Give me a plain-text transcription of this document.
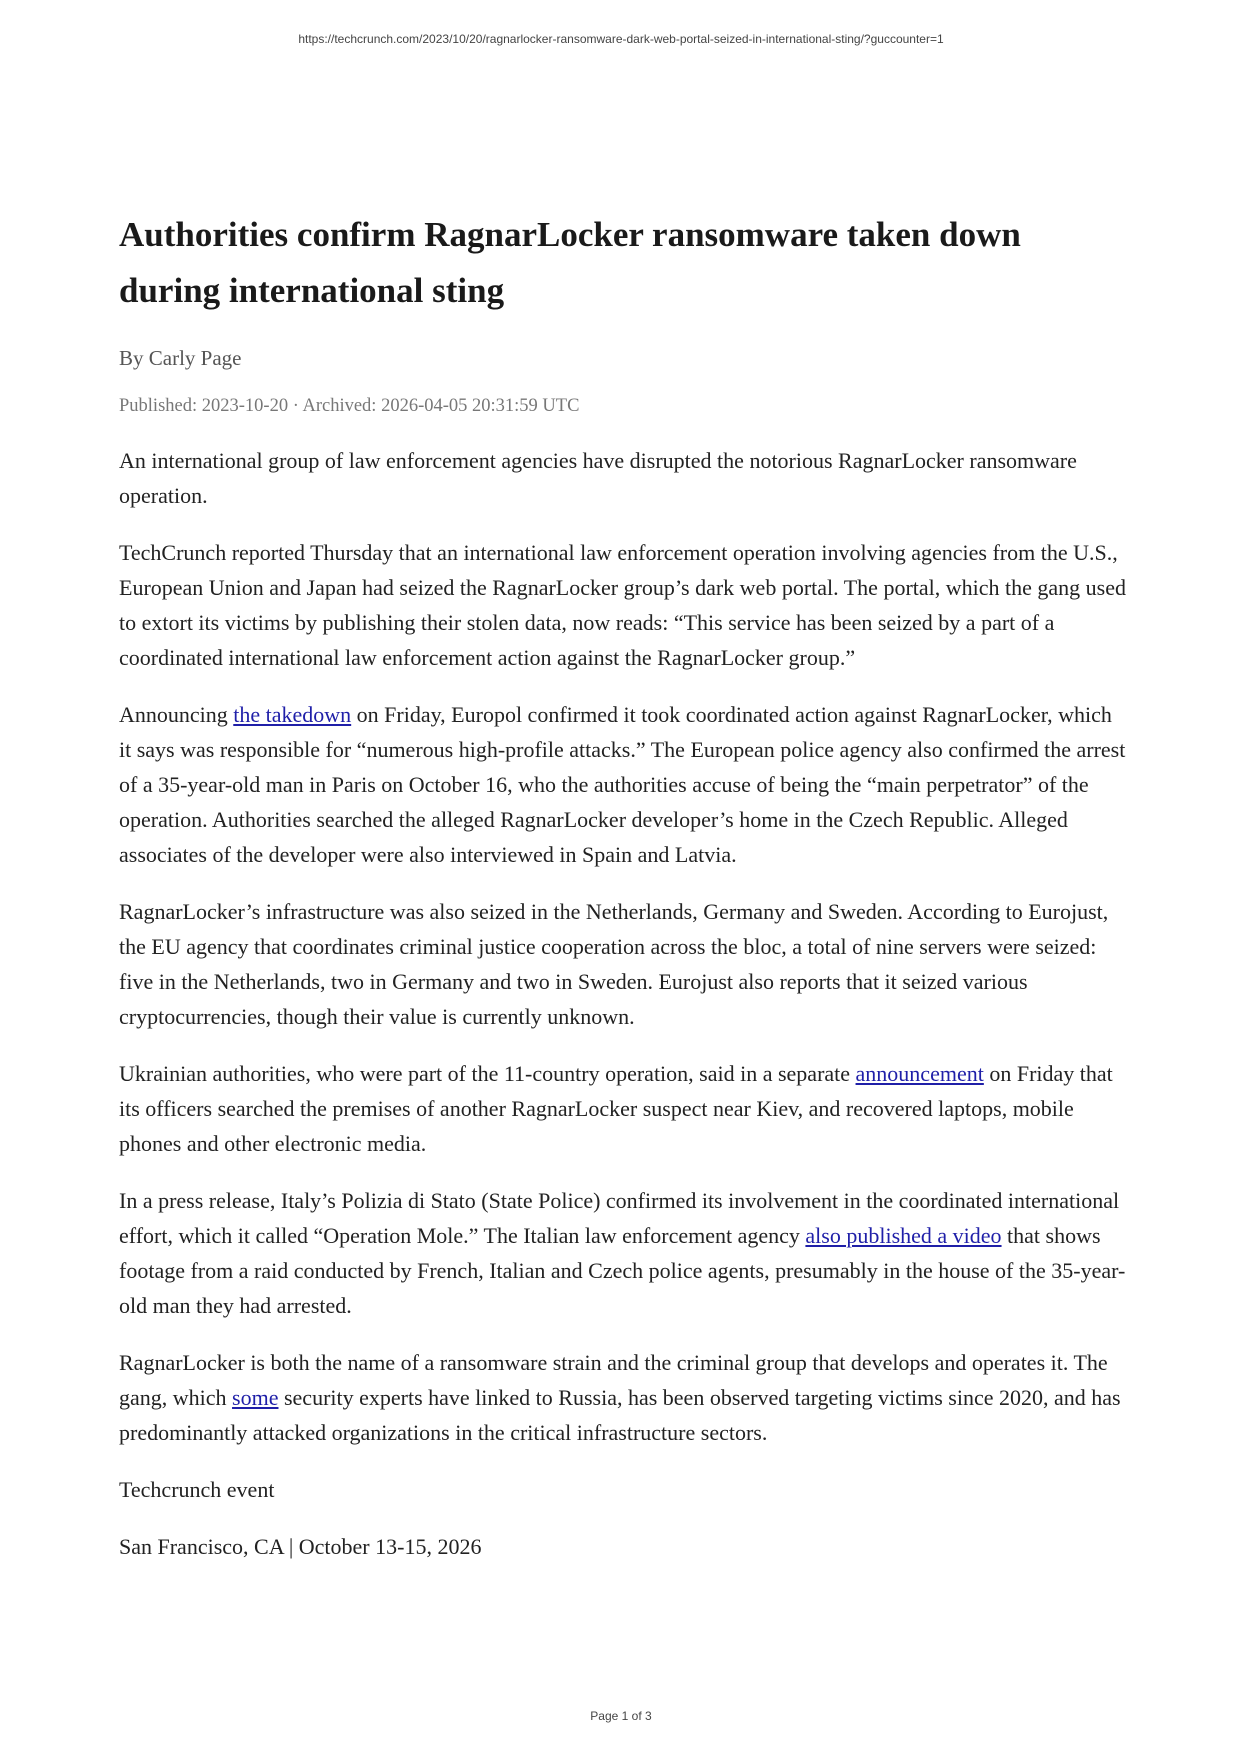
https://techcrunch.com/2023/10/20/ragnarlocker-ransomware-dark-web-portal-seized-in-international-sting/?guccounter=1
Authorities confirm RagnarLocker ransomware taken down during international sting
By Carly Page
Published: 2023-10-20 · Archived: 2026-04-05 20:31:59 UTC
An international group of law enforcement agencies have disrupted the notorious RagnarLocker ransomware
operation.
TechCrunch reported Thursday that an international law enforcement operation involving agencies from the U.S.,
European Union and Japan had seized the RagnarLocker group’s dark web portal. The portal, which the gang used
to extort its victims by publishing their stolen data, now reads: “This service has been seized by a part of a
coordinated international law enforcement action against the RagnarLocker group.”
Announcing the takedown on Friday, Europol confirmed it took coordinated action against RagnarLocker, which
it says was responsible for “numerous high-profile attacks.” The European police agency also confirmed the arrest
of a 35-year-old man in Paris on October 16, who the authorities accuse of being the “main perpetrator” of the
operation. Authorities searched the alleged RagnarLocker developer’s home in the Czech Republic. Alleged
associates of the developer were also interviewed in Spain and Latvia.
RagnarLocker’s infrastructure was also seized in the Netherlands, Germany and Sweden. According to Eurojust,
the EU agency that coordinates criminal justice cooperation across the bloc, a total of nine servers were seized:
five in the Netherlands, two in Germany and two in Sweden. Eurojust also reports that it seized various
cryptocurrencies, though their value is currently unknown.
Ukrainian authorities, who were part of the 11-country operation, said in a separate announcement on Friday that
its officers searched the premises of another RagnarLocker suspect near Kiev, and recovered laptops, mobile
phones and other electronic media.
In a press release, Italy’s Polizia di Stato (State Police) confirmed its involvement in the coordinated international
effort, which it called “Operation Mole.” The Italian law enforcement agency also published a video that shows
footage from a raid conducted by French, Italian and Czech police agents, presumably in the house of the 35-year-
old man they had arrested.
RagnarLocker is both the name of a ransomware strain and the criminal group that develops and operates it. The
gang, which some security experts have linked to Russia, has been observed targeting victims since 2020, and has
predominantly attacked organizations in the critical infrastructure sectors.
Techcrunch event
San Francisco, CA | October 13-15, 2026
Page 1 of 3
